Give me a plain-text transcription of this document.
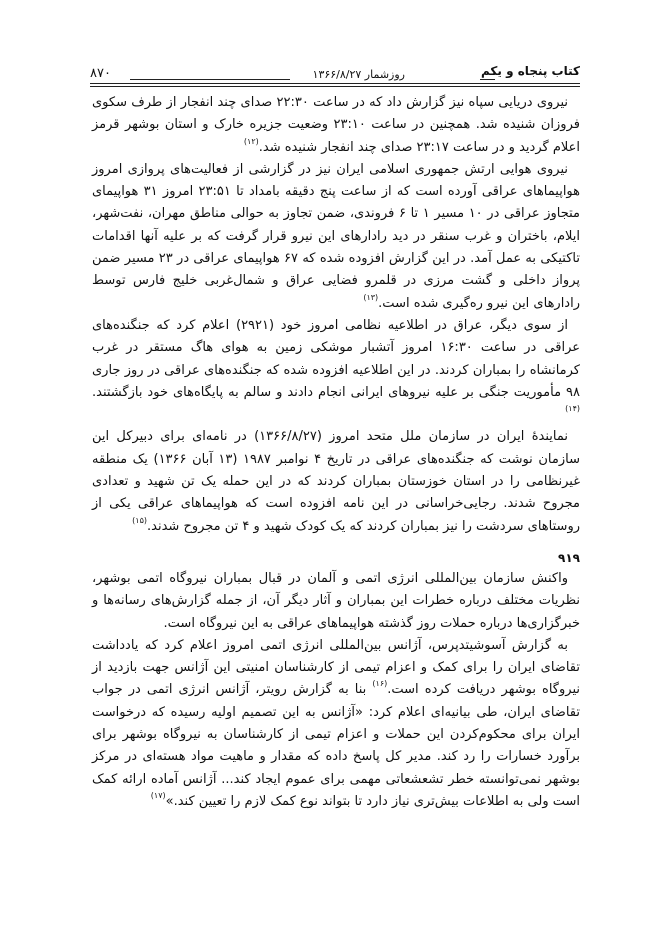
کتاب پنجاه و یکم
روزشمار ۱۳۶۶/۸/۲۷
۸۷۰

نیروی دریایی سپاه نیز گزارش داد که در ساعت ۲۲:۳۰ صدای چند انفجار از طرف سکوی فروزان شنیده شد. همچنین در ساعت ۲۳:۱۰ وضعیت جزیره خارک و استان بوشهر قرمز اعلام گردید و در ساعت ۲۳:۱۷ صدای چند انفجار شنیده شد.$^{(۱۲)}$

نیروی هوایی ارتش جمهوری اسلامی ایران نیز در گزارشی از فعالیت‌های پروازی امروز هواپیماهای عراقی آورده است که از ساعت پنج دقیقه بامداد تا ۲۳:۵۱ امروز ۳۱ هواپیمای متجاوز عراقی در ۱۰ مسیر ۱ تا ۶ فروندی، ضمن تجاوز به حوالی مناطق مهران، نفت‌شهر، ایلام، باختران و غرب سنقر در دید رادارهای این نیرو قرار گرفت که بر علیه آنها اقدامات تاکتیکی به عمل آمد. در این گزارش افزوده شده که ۶۷ هواپیمای عراقی در ۲۳ مسیر ضمن پرواز داخلی و گشت مرزی در قلمرو فضایی عراق و شمال‌غربی خلیج فارس توسط رادارهای این نیرو ره‌گیری شده است.$^{(۱۳)}$

از سوی دیگر، عراق در اطلاعیه نظامی امروز خود (۲۹۲۱) اعلام کرد که جنگنده‌های عراقی در ساعت ۱۶:۳۰ امروز آتشبار موشکی زمین به هوای هاگ مستقر در غرب کرمانشاه را بمباران کردند. در این اطلاعیه افزوده شده که جنگنده‌های عراقی در روز جاری ۹۸ مأموریت جنگی بر علیه نیروهای ایرانی انجام دادند و سالم به پایگاه‌های خود بازگشتند.$^{(۱۴)}$

نمایندهٔ ایران در سازمان ملل متحد امروز (۱۳۶۶/۸/۲۷) در نامه‌ای برای دبیرکل این سازمان نوشت که جنگنده‌های عراقی در تاریخ ۴ نوامبر ۱۹۸۷ (۱۳ آبان ۱۳۶۶) یک منطقه غیرنظامی را در استان خوزستان بمباران کردند که در این حمله یک تن شهید و تعدادی مجروح شدند. رجایی‌خراسانی در این نامه افزوده است که هواپیماهای عراقی یکی از روستاهای سردشت را نیز بمباران کردند که یک کودک شهید و ۴ تن مجروح شدند.$^{(۱۵)}$

۹۱۹

واکنش سازمان بین‌المللی انرژی اتمی و آلمان در قبال بمباران نیروگاه اتمی بوشهر، نظریات مختلف درباره خطرات این بمباران و آثار دیگر آن، از جمله گزارش‌های رسانه‌ها و خبرگزاری‌ها درباره حملات روز گذشته هواپیماهای عراقی به این نیروگاه است.

به گزارش آسوشیتدپرس، آژانس بین‌المللی انرژی اتمی امروز اعلام کرد که یادداشت تقاضای ایران را برای کمک و اعزام تیمی از کارشناسان امنیتی این آژانس جهت بازدید از نیروگاه بوشهر دریافت کرده است.$^{(۱۶)}$ بنا به گزارش رویتر، آژانس انرژی اتمی در جواب تقاضای ایران، طی بیانیه‌ای اعلام کرد: «آژانس به این تصمیم اولیه رسیده که درخواست ایران برای محکوم‌کردن این حملات و اعزام تیمی از کارشناسان به نیروگاه بوشهر برای برآورد خسارات را رد کند. مدیر کل پاسخ داده که مقدار و ماهیت مواد هسته‌ای در مرکز بوشهر نمی‌توانسته خطر تشعشعاتی مهمی برای عموم ایجاد کند... آژانس آماده ارائه کمک است ولی به اطلاعات بیش‌تری نیاز دارد تا بتواند نوع کمک لازم را تعیین کند.»$^{(۱۷)}$
